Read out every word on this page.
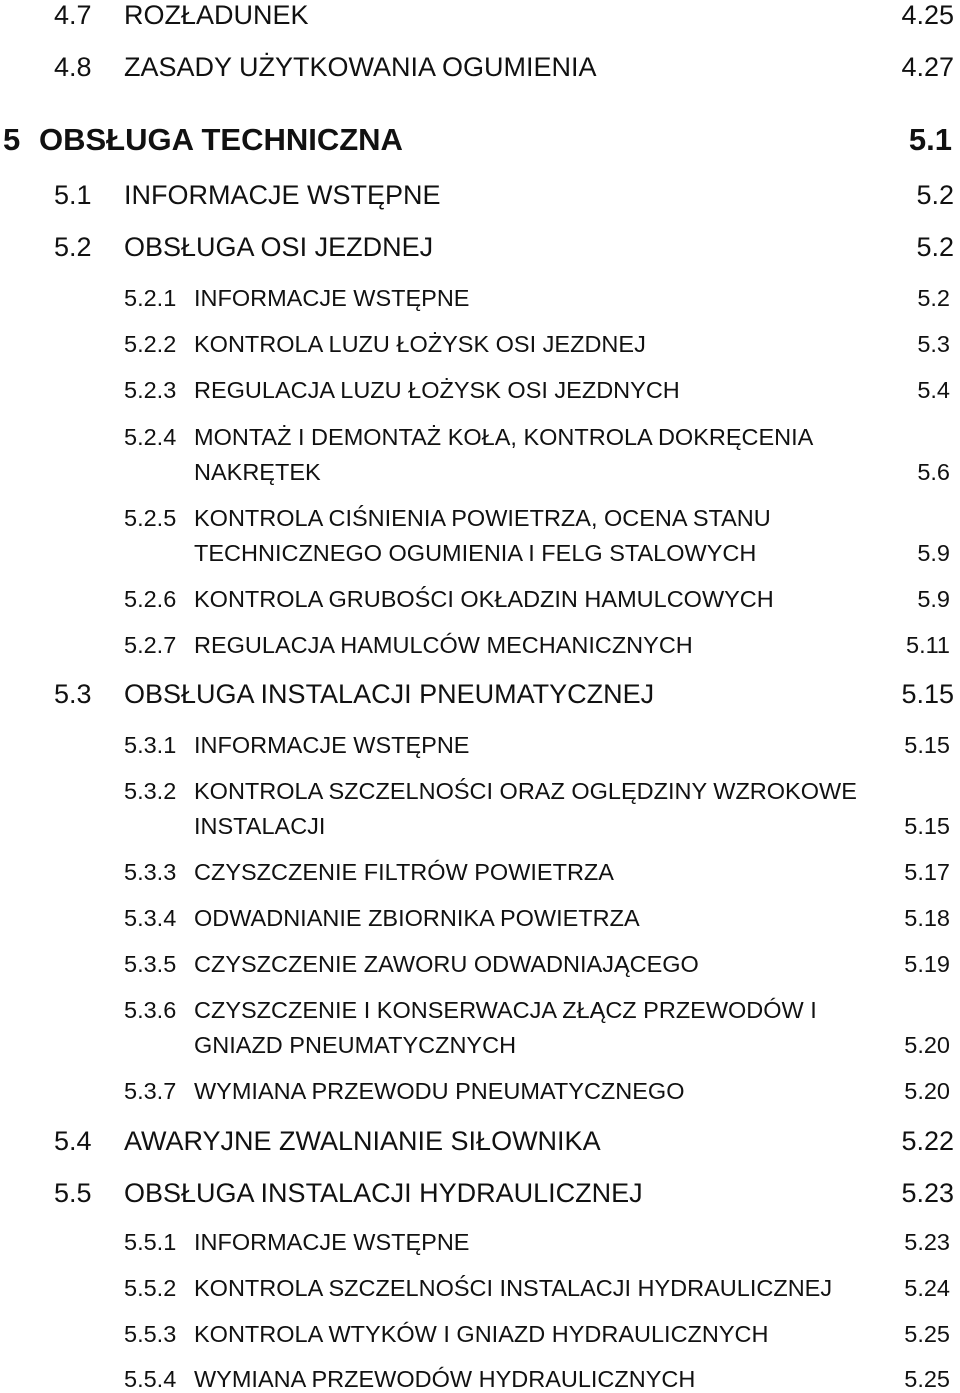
4.7 ROZŁADUNEK	4.25
4.8 ZASADY UŻYTKOWANIA OGUMIENIA	4.27
5 OBSŁUGA TECHNICZNA	5.1
5.1 INFORMACJE WSTĘPNE	5.2
5.2 OBSŁUGA OSI JEZDNEJ	5.2
5.2.1 INFORMACJE WSTĘPNE	5.2
5.2.2 KONTROLA LUZU ŁOŻYSK OSI JEZDNEJ	5.3
5.2.3 REGULACJA LUZU ŁOŻYSK OSI JEZDNYCH	5.4
5.2.4 MONTAŻ I DEMONTAŻ KOŁA, KONTROLA DOKRĘCENIA
NAKRĘTEK	5.6
5.2.5 KONTROLA CIŚNIENIA POWIETRZA, OCENA STANU
TECHNICZNEGO OGUMIENIA I FELG STALOWYCH	5.9
5.2.6 KONTROLA GRUBOŚCI OKŁADZIN HAMULCOWYCH	5.9
5.2.7 REGULACJA HAMULCÓW MECHANICZNYCH	5.11
5.3 OBSŁUGA INSTALACJI PNEUMATYCZNEJ	5.15
5.3.1 INFORMACJE WSTĘPNE	5.15
5.3.2 KONTROLA SZCZELNOŚCI ORAZ OGLĘDZINY WZROKOWE
INSTALACJI	5.15
5.3.3 CZYSZCZENIE FILTRÓW POWIETRZA	5.17
5.3.4 ODWADNIANIE ZBIORNIKA POWIETRZA	5.18
5.3.5 CZYSZCZENIE ZAWORU ODWADNIAJĄCEGO	5.19
5.3.6 CZYSZCZENIE I KONSERWACJA ZŁĄCZ PRZEWODÓW I
GNIAZD PNEUMATYCZNYCH	5.20
5.3.7 WYMIANA PRZEWODU PNEUMATYCZNEGO	5.20
5.4 AWARYJNE ZWALNIANIE SIŁOWNIKA	5.22
5.5 OBSŁUGA INSTALACJI HYDRAULICZNEJ	5.23
5.5.1 INFORMACJE WSTĘPNE	5.23
5.5.2 KONTROLA SZCZELNOŚCI INSTALACJI HYDRAULICZNEJ	5.24
5.5.3 KONTROLA WTYKÓW I GNIAZD HYDRAULICZNYCH	5.25
5.5.4 WYMIANA PRZEWODÓW HYDRAULICZNYCH	5.25
